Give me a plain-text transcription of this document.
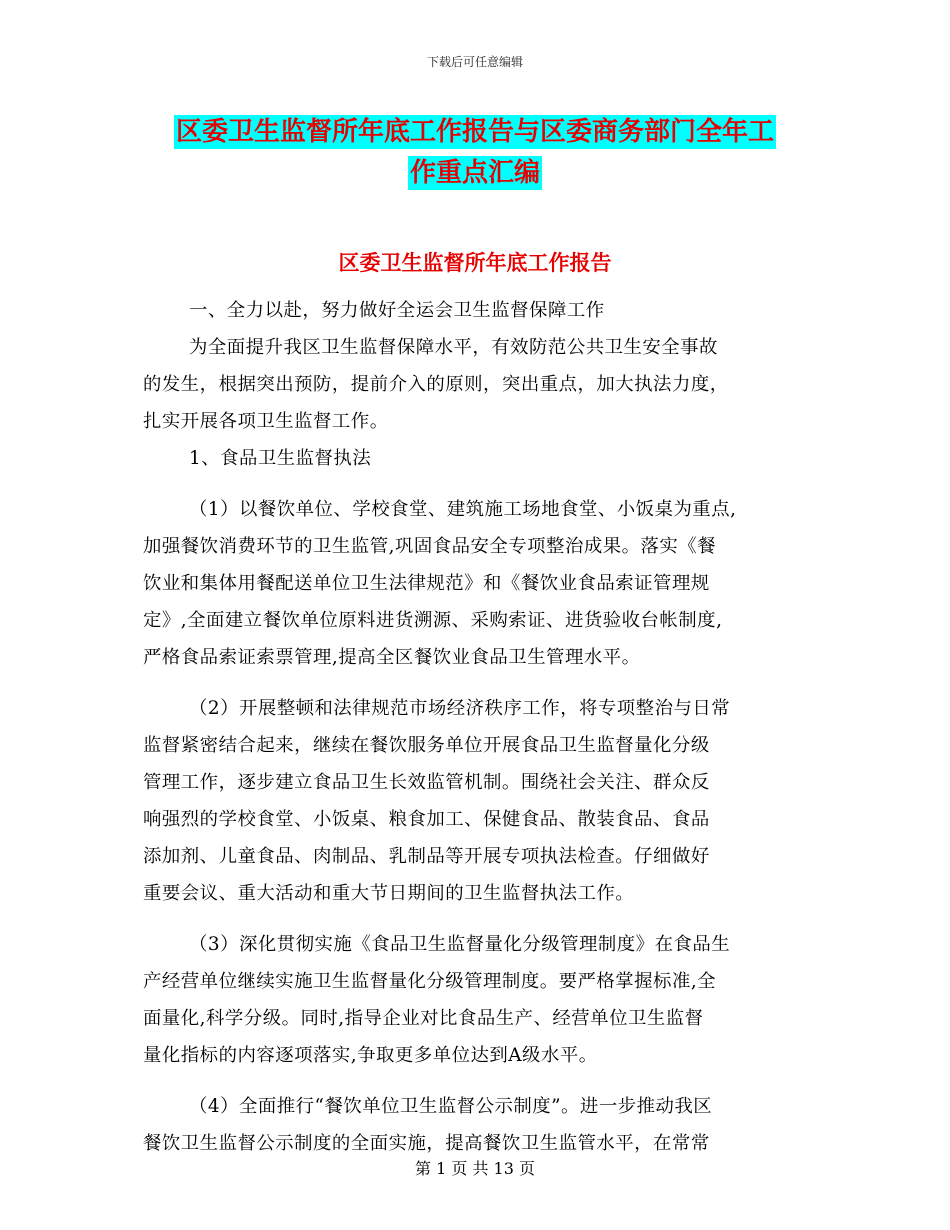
下载后可任意编辑
区委卫生监督所年底工作报告与区委商务部门全年工
作重点汇编
区委卫生监督所年底工作报告
一、全力以赴，努力做好全运会卫生监督保障工作
为全面提升我区卫生监督保障水平，有效防范公共卫生安全事故
的发生，根据突出预防，提前介入的原则，突出重点，加大执法力度，
扎实开展各项卫生监督工作。
1、食品卫生监督执法
（1）以餐饮单位、学校食堂、建筑施工场地食堂、小饭桌为重点,
加强餐饮消费环节的卫生监管,巩固食品安全专项整治成果。落实《餐
饮业和集体用餐配送单位卫生法律规范》和《餐饮业食品索证管理规
定》,全面建立餐饮单位原料进货溯源、采购索证、进货验收台帐制度,
严格食品索证索票管理,提高全区餐饮业食品卫生管理水平。
（2）开展整顿和法律规范市场经济秩序工作，将专项整治与日常
监督紧密结合起来，继续在餐饮服务单位开展食品卫生监督量化分级
管理工作，逐步建立食品卫生长效监管机制。围绕社会关注、群众反
响强烈的学校食堂、小饭桌、粮食加工、保健食品、散装食品、食品
添加剂、儿童食品、肉制品、乳制品等开展专项执法检查。仔细做好
重要会议、重大活动和重大节日期间的卫生监督执法工作。
（3）深化贯彻实施《食品卫生监督量化分级管理制度》在食品生
产经营单位继续实施卫生监督量化分级管理制度。要严格掌握标准,全
面量化,科学分级。同时,指导企业对比食品生产、经营单位卫生监督
量化指标的内容逐项落实,争取更多单位达到A级水平。
（4）全面推行“餐饮单位卫生监督公示制度”。进一步推动我区
餐饮卫生监督公示制度的全面实施，提高餐饮卫生监管水平，在常常
第 1 页 共 13 页
